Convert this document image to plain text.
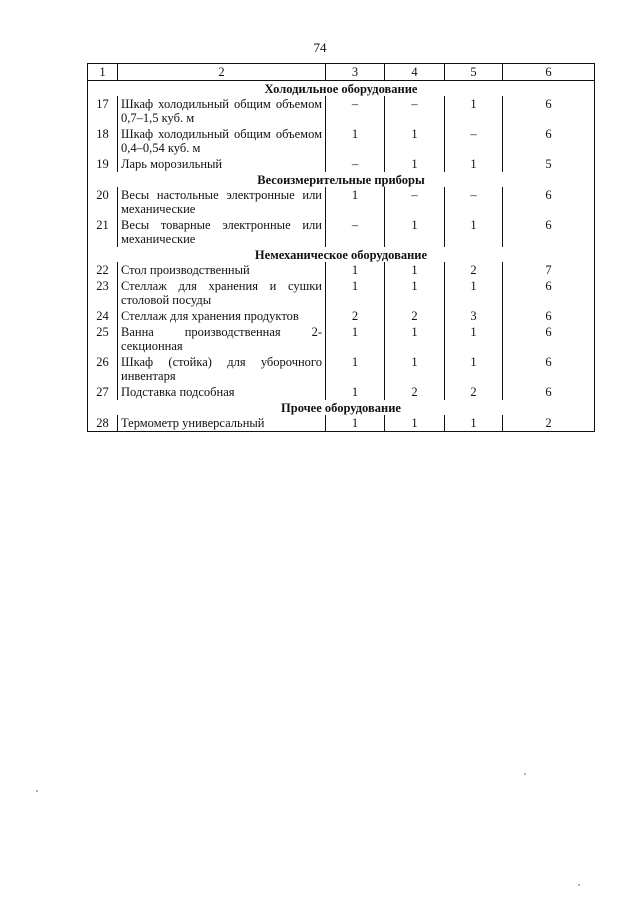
74
1	2	3	4	5	6
Холодильное оборудование					
17	Шкаф холодильный общим объемом 0,7–1,5 куб. м	–	–	1	6
18	Шкаф холодильный общим объемом 0,4–0,54 куб. м	1	1	–	6
19	Ларь морозильный	–	1	1	5
Весоизмерительные приборы					
20	Весы настольные электронные или механические	1	–	–	6
21	Весы товарные электронные или механические	–	1	1	6
Немеханическое оборудование					
22	Стол производственный	1	1	2	7
23	Стеллаж для хранения и сушки столовой посуды	1	1	1	6
24	Стеллаж для хранения продуктов	2	2	3	6
25	Ванна производственная 2-секционная	1	1	1	6
26	Шкаф (стойка) для уборочного инвентаря	1	1	1	6
27	Подставка подсобная	1	2	2	6
Прочее оборудование					
28	Термометр универсальный	1	1	1	2
